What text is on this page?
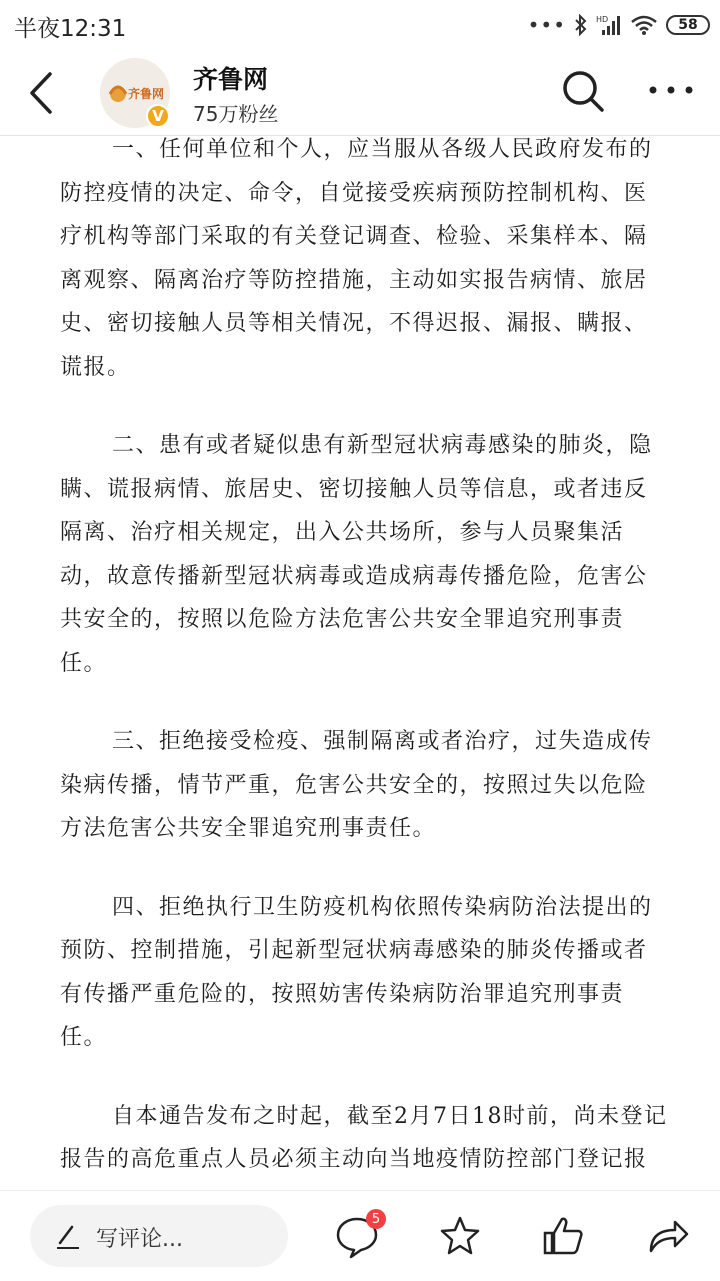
半夜12:31	•••	HD	58
齐鲁网
V
齐鲁网
75万粉丝

一、任何单位和个人，应当服从各级人民政府发布的防控疫情的决定、命令，自觉接受疾病预防控制机构、医疗机构等部门采取的有关登记调查、检验、采集样本、隔离观察、隔离治疗等防控措施，主动如实报告病情、旅居史、密切接触人员等相关情况，不得迟报、漏报、瞒报、谎报。

二、患有或者疑似患有新型冠状病毒感染的肺炎，隐瞒、谎报病情、旅居史、密切接触人员等信息，或者违反隔离、治疗相关规定，出入公共场所，参与人员聚集活动，故意传播新型冠状病毒或造成病毒传播危险，危害公共安全的，按照以危险方法危害公共安全罪追究刑事责任。

三、拒绝接受检疫、强制隔离或者治疗，过失造成传染病传播，情节严重，危害公共安全的，按照过失以危险方法危害公共安全罪追究刑事责任。

四、拒绝执行卫生防疫机构依照传染病防治法提出的预防、控制措施，引起新型冠状病毒感染的肺炎传播或者有传播严重危险的，按照妨害传染病防治罪追究刑事责任。

自本通告发布之时起，截至2月7日18时前，尚未登记报告的高危重点人员必须主动向当地疫情防控部门登记报

写评论...
5
